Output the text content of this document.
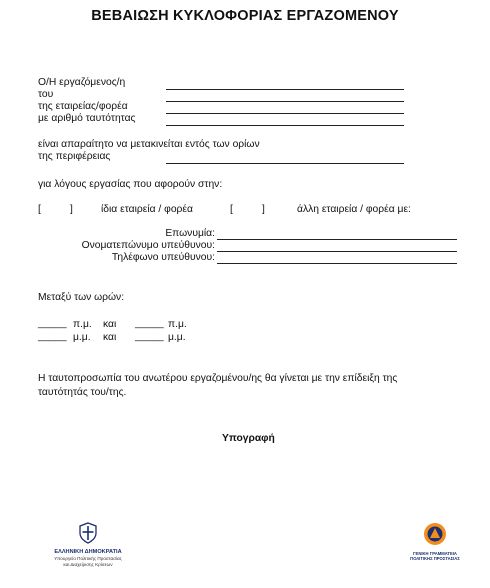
ΒΕΒΑΙΩΣΗ ΚΥΚΛΟΦΟΡΙΑΣ ΕΡΓΑΖΟΜΕΝΟΥ
Ο/Η εργαζόμενος/η
του
της εταιρείας/φορέα
με αριθμό ταυτότητας
είναι απαραίτητο να μετακινείται εντός των ορίων
της περιφέρειας
για λόγους εργασίας που αφορούν στην:
[	]	ίδια εταιρεία / φορέα	[	]	άλλη εταιρεία / φορέα με:
Επωνυμία:
Ονοματεπώνυμο υπεύθυνου:
Τηλέφωνο υπεύθυνου:
Μεταξύ των ωρών:
_____ π.μ. και _____ π.μ.
_____ μ.μ. και _____ μ.μ.
Η ταυτοπροσωπία του ανωτέρου εργαζομένου/ης θα γίνεται με την επίδειξη της
ταυτότητάς του/της.
Υπογραφή
ΕΛΛΗΝΙΚΗ ΔΗΜΟΚΡΑΤΙΑ
Υπουργείο Πολιτικής Προστασίας
και Διαχείρισης Κρίσεων
ΓΕΝΙΚΗ ΓΡΑΜΜΑΤΕΙΑ
ΠΟΛΙΤΙΚΗΣ ΠΡΟΣΤΑΣΙΑΣ
